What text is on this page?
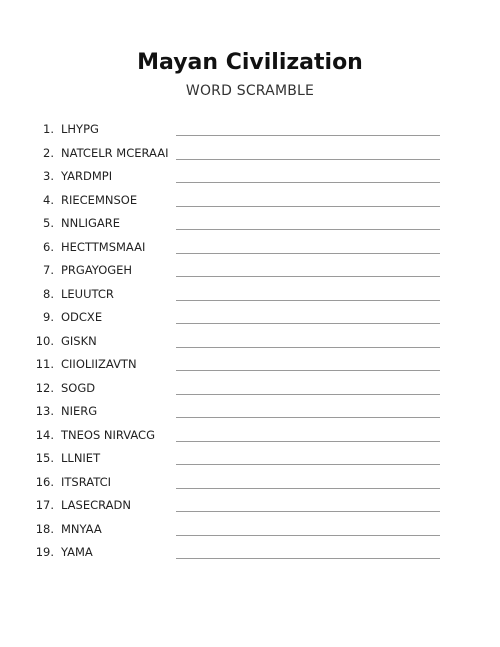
Mayan Civilization
WORD SCRAMBLE
1. LHYPG
2. NATCELR MCERAAI
3. YARDMPI
4. RIECEMNSOE
5. NNLIGARE
6. HECTTMSMAAI
7. PRGAYOGEH
8. LEUUTCR
9. ODCXE
10. GISKN
11. CIIOLIIZAVTN
12. SOGD
13. NIERG
14. TNEOS NIRVACG
15. LLNIET
16. ITSRATCI
17. LASECRADN
18. MNYAA
19. YAMA
